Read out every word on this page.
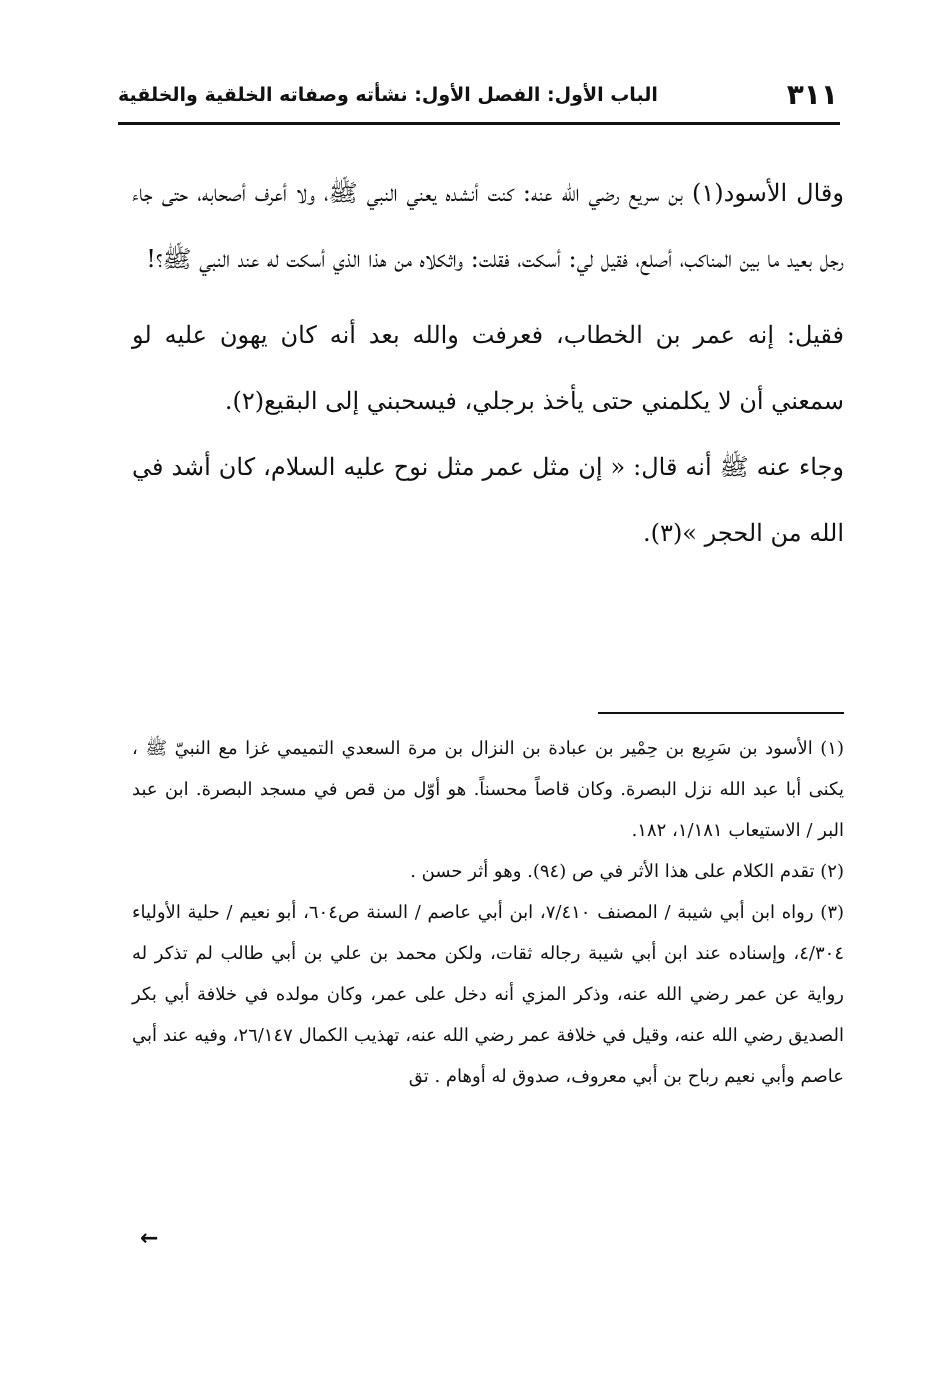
٣١١
الباب الأول: الفصل الأول: نشأته وصفاته الخلقية والخلقية

وقال الأسود(١) بن سريع رضي الله عنه: كنت أنشده يعني النبي ﷺ، ولا أعرف أصحابه، حتى جاء رجل بعيد ما بين المناكب، أصلع، فقيل لي: أسكت، فقلت: واثكلاه من هذا الذي أسكت له عند النبي ﷺ؟!

فقيل: إنه عمر بن الخطاب، فعرفت والله بعد أنه كان يهون عليه لو سمعني أن لا يكلمني حتى يأخذ برجلي، فيسحبني إلى البقيع(٢).

وجاء عنه ﷺ أنه قال: « إن مثل عمر مثل نوح عليه السلام، كان أشد في الله من الحجر »(٣).

(١) الأسود بن سَرِيع بن حِمْير بن عبادة بن النزال بن مرة السعدي التميمي غزا مع النبيّ ﷺ ، يكنى أبا عبد الله نزل البصرة. وكان قاصاً محسناً. هو أوّل من قص في مسجد البصرة. ابن عبد البر / الاستيعاب ١/١٨١، ١٨٢.

(٢) تقدم الكلام على هذا الأثر في ص (٩٤). وهو أثر حسن .

(٣) رواه ابن أبي شيبة / المصنف ٧/٤١٠، ابن أبي عاصم / السنة ص٦٠٤، أبو نعيم / حلية الأولياء ٤/٣٠٤، وإسناده عند ابن أبي شيبة رجاله ثقات، ولكن محمد بن علي بن أبي طالب لم تذكر له رواية عن عمر رضي الله عنه، وذكر المزي أنه دخل على عمر، وكان مولده في خلافة أبي بكر الصديق رضي الله عنه، وقيل في خلافة عمر رضي الله عنه، تهذيب الكمال ٢٦/١٤٧، وفيه عند أبي عاصم وأبي نعيم رباح بن أبي معروف، صدوق له أوهام . تق

←
